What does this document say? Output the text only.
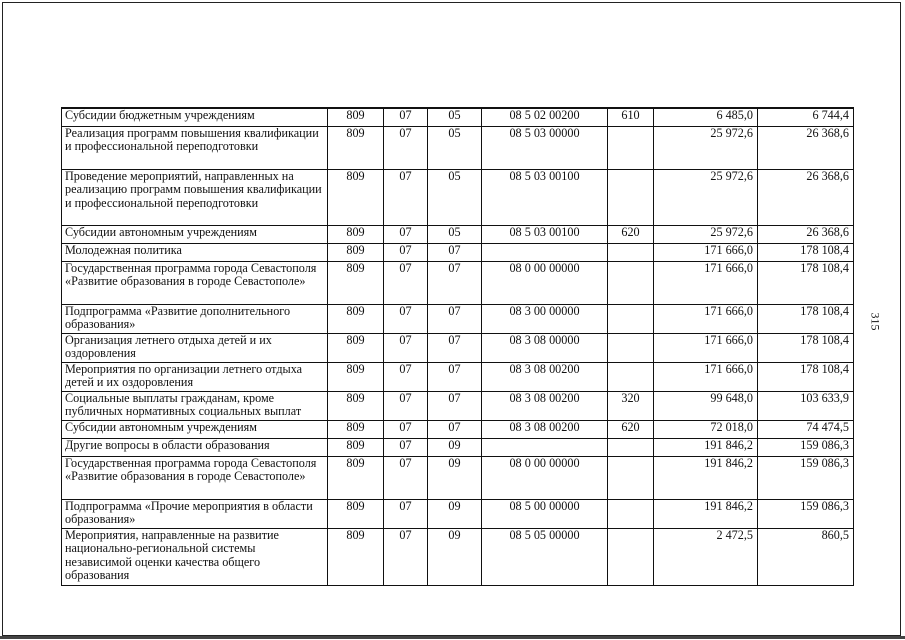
Субсидии бюджетным учреждениям	809	07	05	08 5 02 00200	610	6 485,0	6 744,4
Реализация программ повышения квалификации и профессиональной переподготовки	809	07	05	08 5 03 00000		25 972,6	26 368,6
Проведение мероприятий, направленных на реализацию программ повышения квалификации и профессиональной переподготовки	809	07	05	08 5 03 00100		25 972,6	26 368,6
Субсидии автономным учреждениям	809	07	05	08 5 03 00100	620	25 972,6	26 368,6
Молодежная политика	809	07	07			171 666,0	178 108,4
Государственная программа города Севастополя «Развитие образования в городе Севастополе»	809	07	07	08 0 00 00000		171 666,0	178 108,4
Подпрограмма «Развитие дополнительного образования»	809	07	07	08 3 00 00000		171 666,0	178 108,4
Организация летнего отдыха детей и их оздоровления	809	07	07	08 3 08 00000		171 666,0	178 108,4
Мероприятия по организации летнего отдыха детей и их оздоровления	809	07	07	08 3 08 00200		171 666,0	178 108,4
Социальные выплаты гражданам, кроме публичных нормативных социальных выплат	809	07	07	08 3 08 00200	320	99 648,0	103 633,9
Субсидии автономным учреждениям	809	07	07	08 3 08 00200	620	72 018,0	74 474,5
Другие вопросы в области образования	809	07	09			191 846,2	159 086,3
Государственная программа города Севастополя «Развитие образования в городе Севастополе»	809	07	09	08 0 00 00000		191 846,2	159 086,3
Подпрограмма «Прочие мероприятия в области образования»	809	07	09	08 5 00 00000		191 846,2	159 086,3
Мероприятия, направленные на развитие национально-региональной системы независимой оценки качества общего образования	809	07	09	08 5 05 00000		2 472,5	860,5
315
